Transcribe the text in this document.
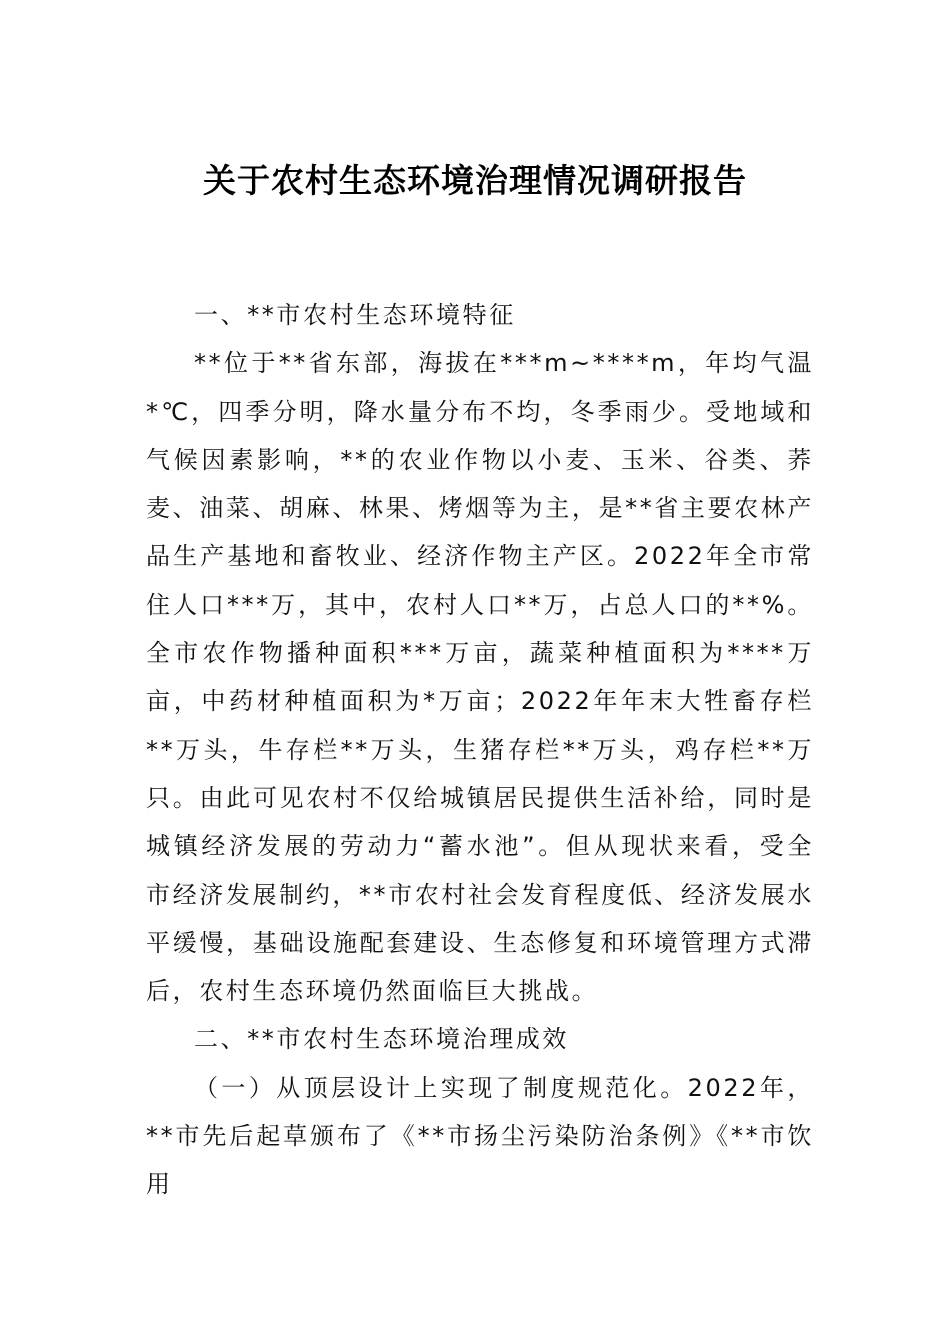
关于农村生态环境治理情况调研报告

一、**市农村生态环境特征

**位于**省东部，海拔在***m~****m，年均气温*℃，四季分明，降水量分布不均，冬季雨少。受地域和气候因素影响，**的农业作物以小麦、玉米、谷类、荞麦、油菜、胡麻、林果、烤烟等为主，是**省主要农林产品生产基地和畜牧业、经济作物主产区。2022年全市常住人口***万，其中，农村人口**万，占总人口的**%。全市农作物播种面积***万亩，蔬菜种植面积为****万亩，中药材种植面积为*万亩；2022年年末大牲畜存栏**万头，牛存栏**万头，生猪存栏**万头，鸡存栏**万只。由此可见农村不仅给城镇居民提供生活补给，同时是城镇经济发展的劳动力“蓄水池”。但从现状来看，受全市经济发展制约，**市农村社会发育程度低、经济发展水平缓慢，基础设施配套建设、生态修复和环境管理方式滞后，农村生态环境仍然面临巨大挑战。

二、**市农村生态环境治理成效

（一）从顶层设计上实现了制度规范化。2022年，**市先后起草颁布了《**市扬尘污染防治条例》《**市饮用
